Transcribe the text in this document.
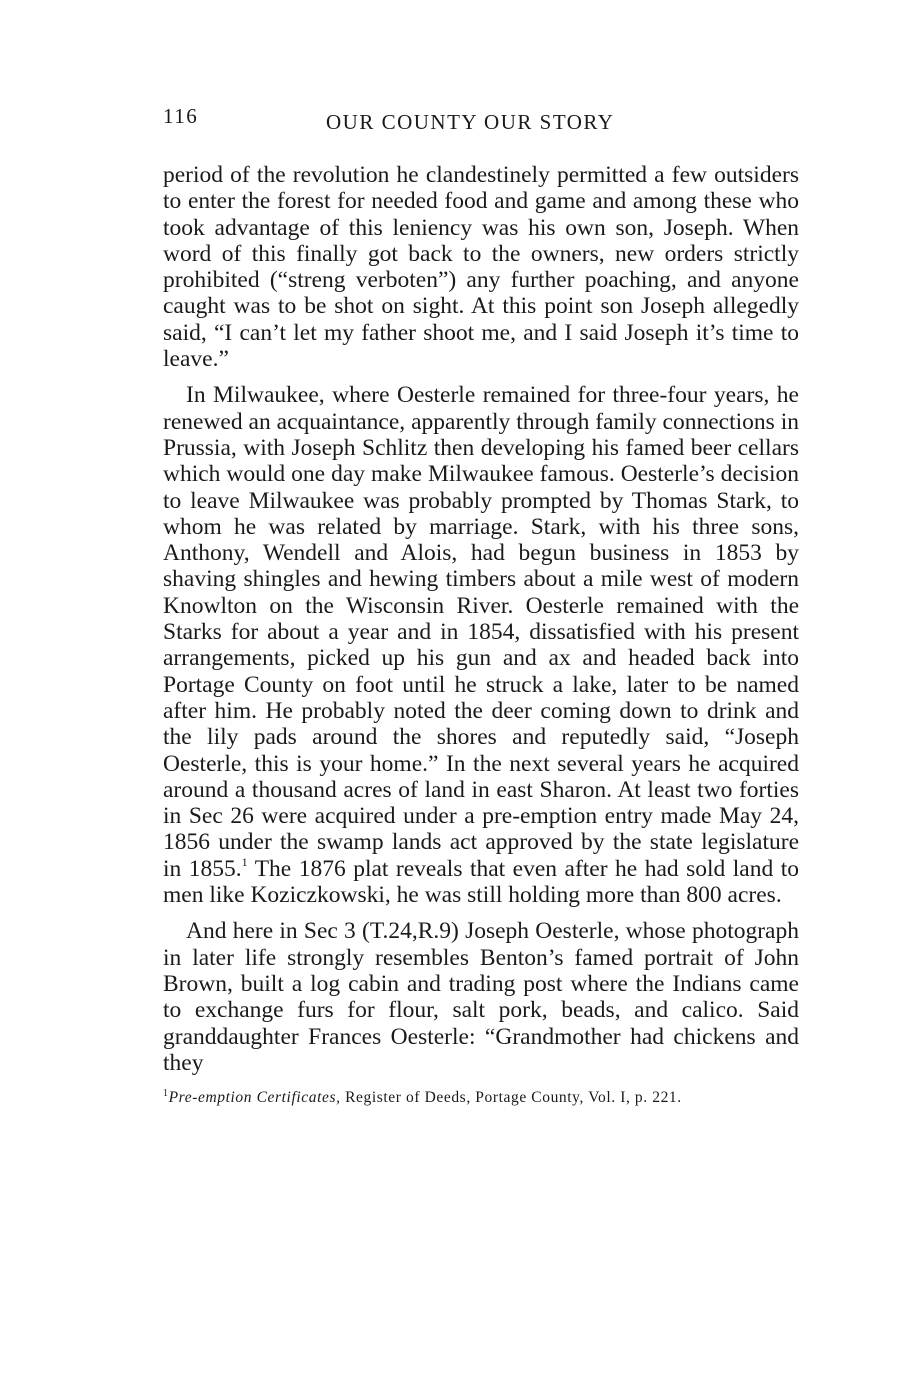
116	OUR COUNTY OUR STORY

period of the revolution he clandestinely permitted a few outsiders to enter the forest for needed food and game and among these who took advantage of this leniency was his own son, Joseph. When word of this finally got back to the owners, new orders strictly prohibited (“streng verboten”) any further poaching, and anyone caught was to be shot on sight. At this point son Joseph allegedly said, “I can’t let my father shoot me, and I said Joseph it’s time to leave.”

In Milwaukee, where Oesterle remained for three-four years, he renewed an acquaintance, apparently through family connections in Prussia, with Joseph Schlitz then developing his famed beer cellars which would one day make Milwaukee famous. Oesterle’s decision to leave Milwaukee was probably prompted by Thomas Stark, to whom he was related by marriage. Stark, with his three sons, Anthony, Wendell and Alois, had begun business in 1853 by shaving shingles and hewing timbers about a mile west of modern Knowlton on the Wisconsin River. Oesterle remained with the Starks for about a year and in 1854, dissatisfied with his present arrangements, picked up his gun and ax and headed back into Portage County on foot until he struck a lake, later to be named after him. He probably noted the deer coming down to drink and the lily pads around the shores and reputedly said, “Joseph Oesterle, this is your home.” In the next several years he acquired around a thousand acres of land in east Sharon. At least two forties in Sec 26 were acquired under a pre-emption entry made May 24, 1856 under the swamp lands act approved by the state legislature in 1855.$^1$ The 1876 plat reveals that even after he had sold land to men like Koziczkowski, he was still holding more than 800 acres.

And here in Sec 3 (T.24,R.9) Joseph Oesterle, whose photograph in later life strongly resembles Benton’s famed portrait of John Brown, built a log cabin and trading post where the Indians came to exchange furs for flour, salt pork, beads, and calico. Said granddaughter Frances Oesterle: “Grandmother had chickens and they

$^1$Pre-emption Certificates, Register of Deeds, Portage County, Vol. I, p. 221.
